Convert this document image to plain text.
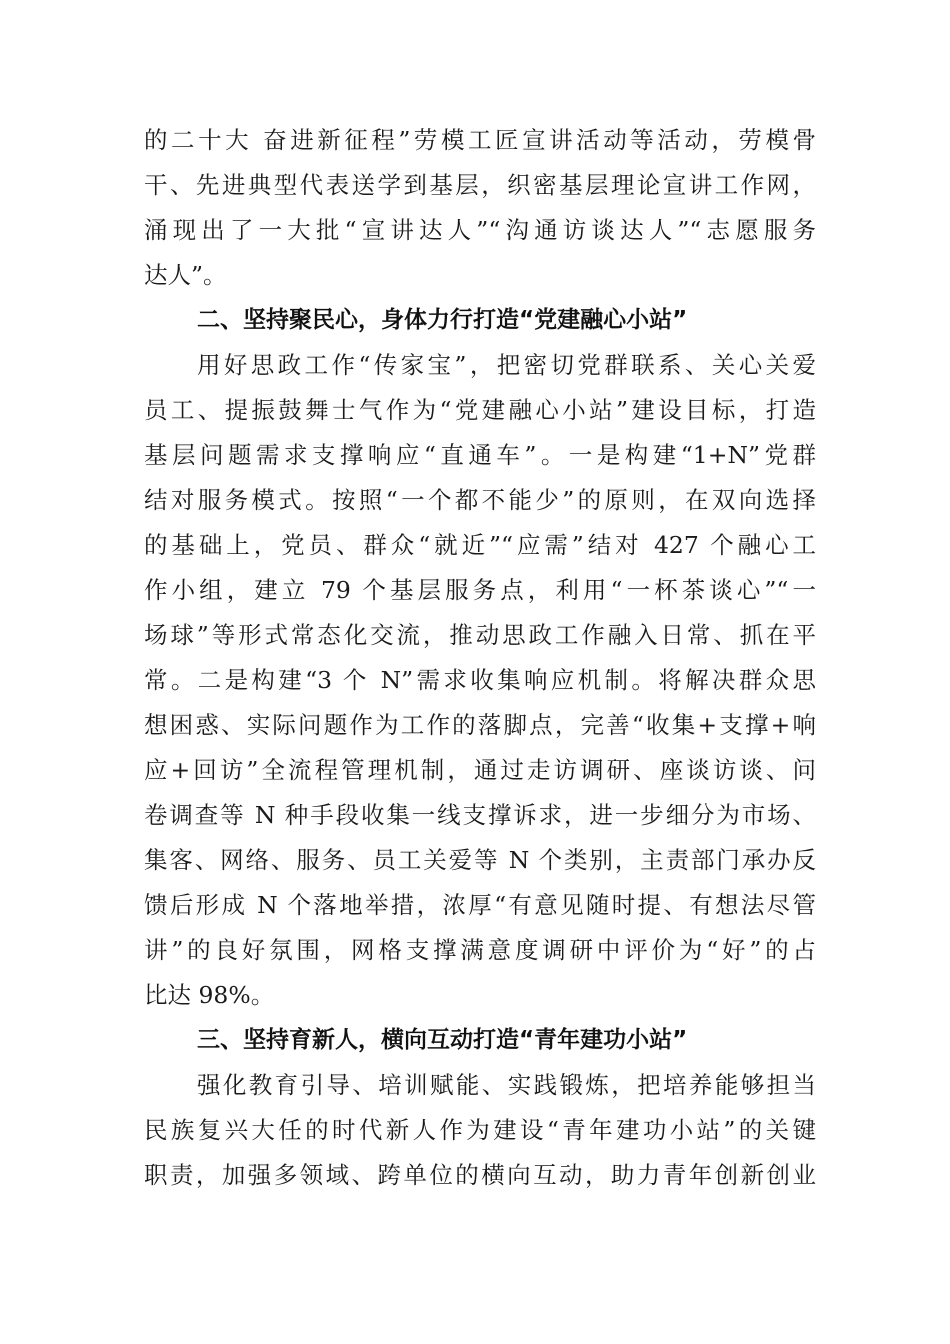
的二十大 奋进新征程”劳模工匠宣讲活动等活动，劳模骨
干、先进典型代表送学到基层，织密基层理论宣讲工作网，
涌现出了一大批“宣讲达人”“沟通访谈达人”“志愿服务
达人”。
二、坚持聚民心，身体力行打造“党建融心小站”
用好思政工作“传家宝”，把密切党群联系、关心关爱
员工、提振鼓舞士气作为“党建融心小站”建设目标，打造
基层问题需求支撑响应“直通车”。一是构建“1+N”党群
结对服务模式。按照“一个都不能少”的原则，在双向选择
的基础上，党员、群众“就近”“应需”结对 427 个融心工
作小组，建立 79 个基层服务点，利用“一杯茶谈心”“一
场球”等形式常态化交流，推动思政工作融入日常、抓在平
常。二是构建“3 个 N”需求收集响应机制。将解决群众思
想困惑、实际问题作为工作的落脚点，完善“收集+支撑+响
应+回访”全流程管理机制，通过走访调研、座谈访谈、问
卷调查等 N 种手段收集一线支撑诉求，进一步细分为市场、
集客、网络、服务、员工关爱等 N 个类别，主责部门承办反
馈后形成 N 个落地举措，浓厚“有意见随时提、有想法尽管
讲”的良好氛围，网格支撑满意度调研中评价为“好”的占
比达 98%。
三、坚持育新人，横向互动打造“青年建功小站”
强化教育引导、培训赋能、实践锻炼，把培养能够担当
民族复兴大任的时代新人作为建设“青年建功小站”的关键
职责，加强多领域、跨单位的横向互动，助力青年创新创业
